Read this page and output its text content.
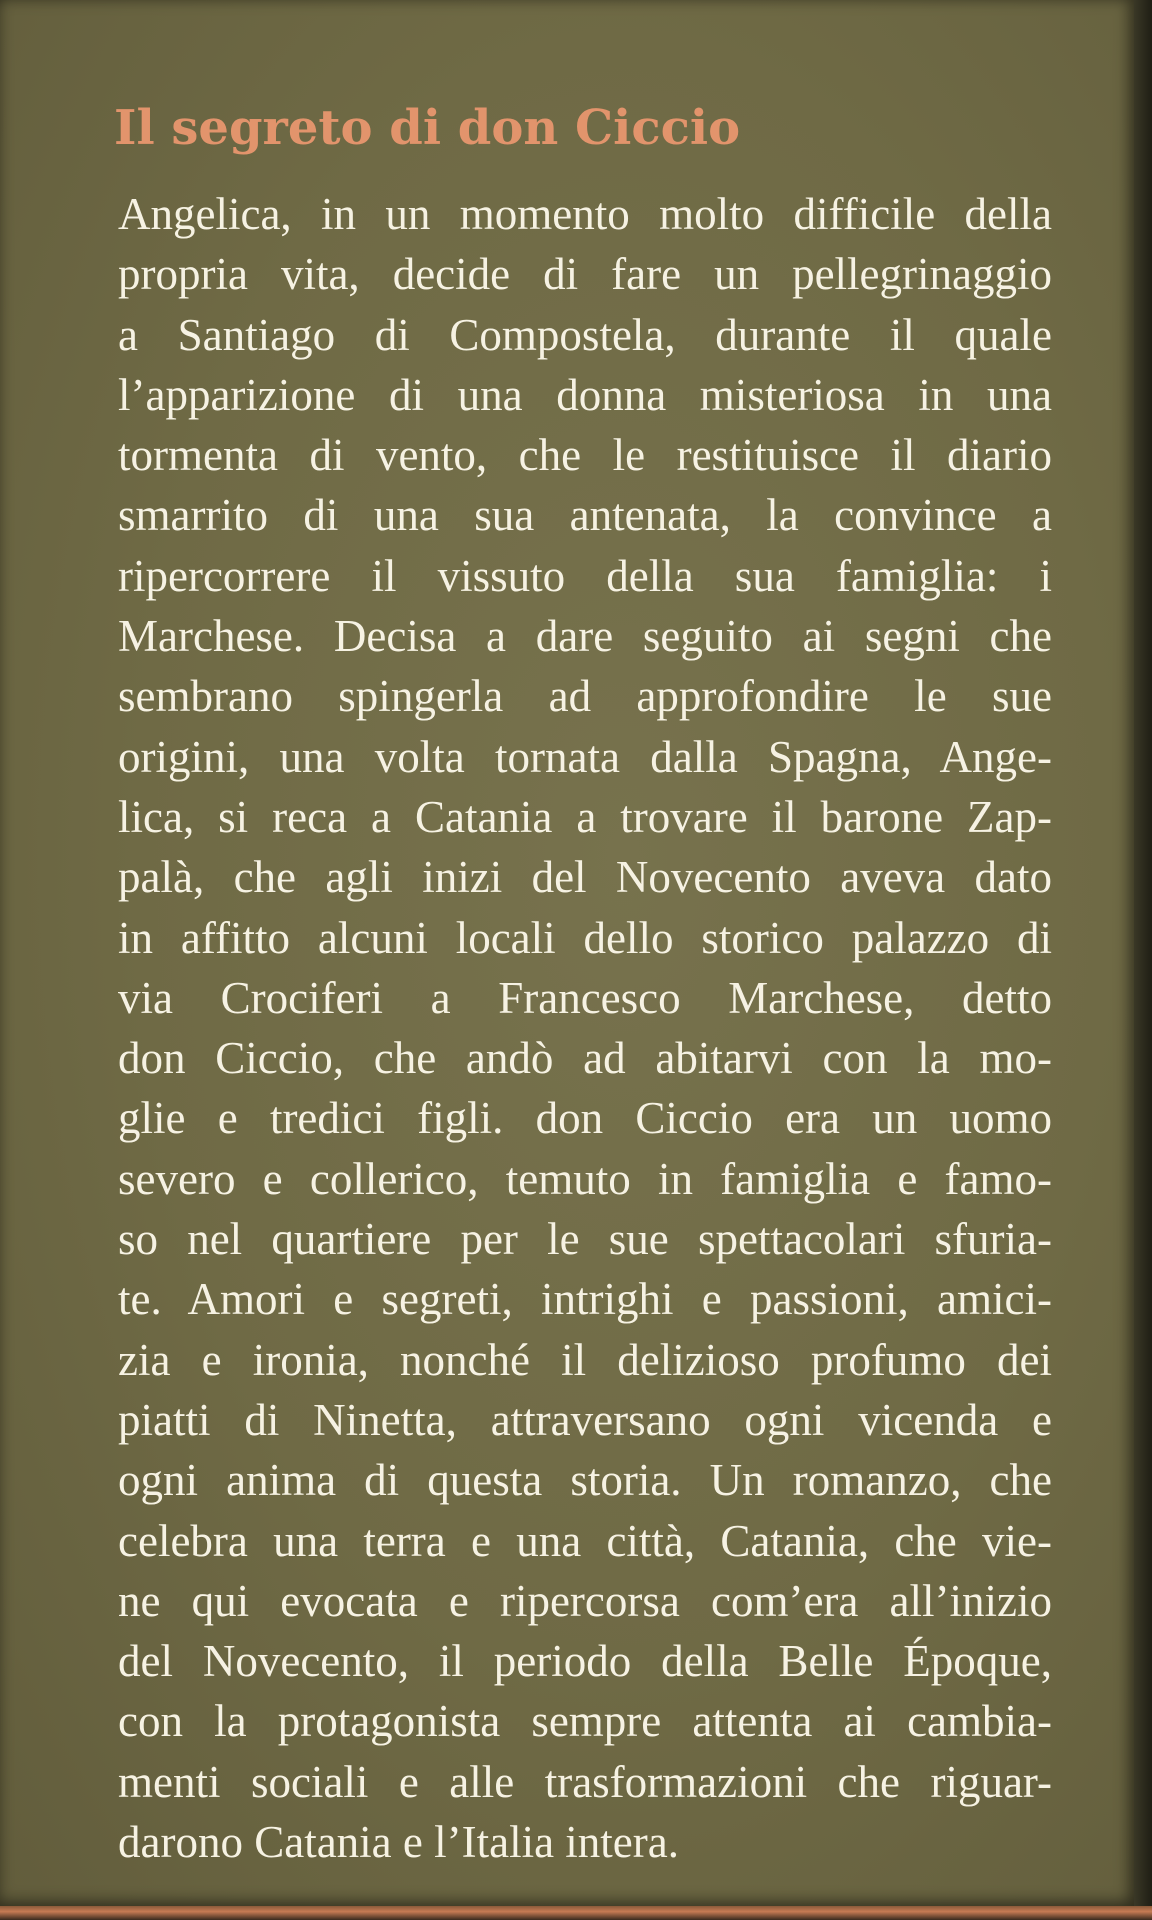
Il segreto di don Ciccio
Angelica, in un momento molto difficile della
propria vita, decide di fare un pellegrinaggio
a Santiago di Compostela, durante il quale
l’apparizione di una donna misteriosa in una
tormenta di vento, che le restituisce il diario
smarrito di una sua antenata, la convince a
ripercorrere il vissuto della sua famiglia: i
Marchese. Decisa a dare seguito ai segni che
sembrano spingerla ad approfondire le sue
origini, una volta tornata dalla Spagna, Ange-
lica, si reca a Catania a trovare il barone Zap-
palà, che agli inizi del Novecento aveva dato
in affitto alcuni locali dello storico palazzo di
via Crociferi a Francesco Marchese, detto
don Ciccio, che andò ad abitarvi con la mo-
glie e tredici figli. don Ciccio era un uomo
severo e collerico, temuto in famiglia e famo-
so nel quartiere per le sue spettacolari sfuria-
te. Amori e segreti, intrighi e passioni, amici-
zia e ironia, nonché il delizioso profumo dei
piatti di Ninetta, attraversano ogni vicenda e
ogni anima di questa storia. Un romanzo, che
celebra una terra e una città, Catania, che vie-
ne qui evocata e ripercorsa com’era all’inizio
del Novecento, il periodo della Belle Époque,
con la protagonista sempre attenta ai cambia-
menti sociali e alle trasformazioni che riguar-
darono Catania e l’Italia intera.
